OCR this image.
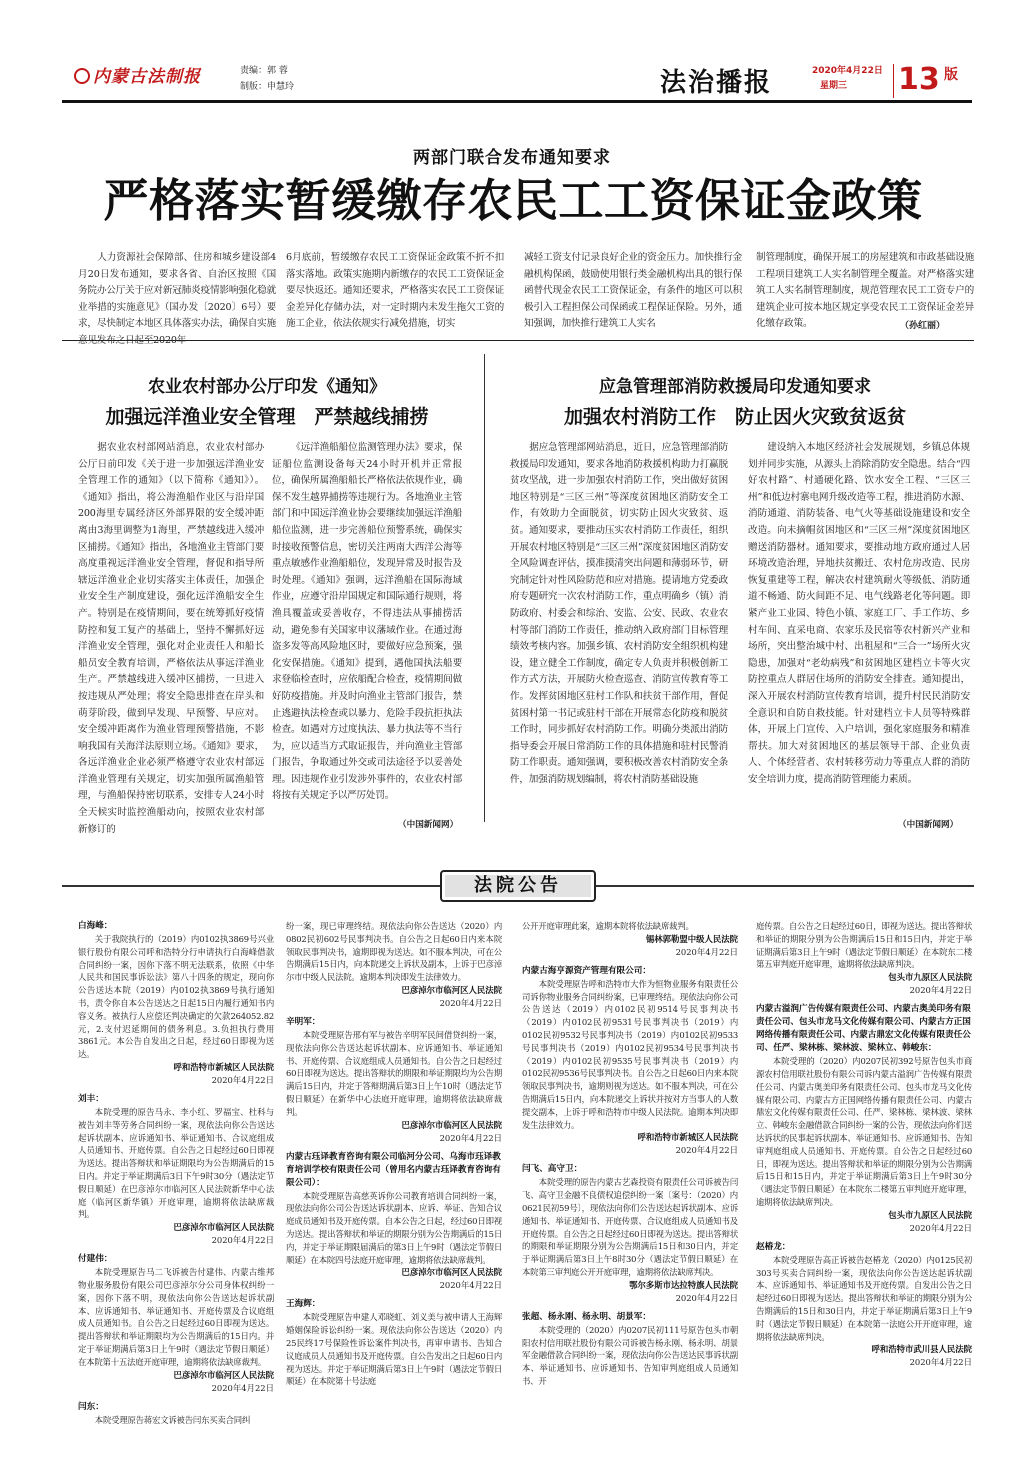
内蒙古法制报	责编：郭 蓉
制版：申慧玲	法治播报	2020年4月22日
星期三	13 版
两部门联合发布通知要求
严格落实暂缓缴存农民工工资保证金政策

人力资源社会保障部、住房和城乡建设部4月20日发布通知，要求各省、自治区按照《国务院办公厅关于应对新冠肺炎疫情影响强化稳就业举措的实施意见》（国办发〔2020〕6号）要求，尽快制定本地区具体落实办法，确保自实施

6月底前，暂缓缴存农民工工资保证金政策不折不扣落实落地。政策实施期内新缴存的农民工工资保证金要尽快返还。通知还要求，严格落实农民工工资保证金差异化存储办法，对一定时期内未发生拖欠工资的施工企业，依法依规实行减免措施，切实

减轻工资支付记录良好企业的资金压力。加快推行金融机构保函，鼓励使用银行类金融机构出具的银行保函替代现金农民工工资保证金，有条件的地区可以积极引入工程担保公司保函或工程保证保险。另外，通知强调，加快推行建筑工人实名

制管理制度，确保开展工的房屋建筑和市政基础设施工程项目建筑工人实名制管理全覆盖。对严格落实建筑工人实名制管理制度，规范管理农民工工资专户的建筑企业可按本地区规定享受农民工工资保证金差异化缴存政策。	（孙红丽）
农业农村部办公厅印发《通知》
加强远洋渔业安全管理　严禁越线捕捞

据农业农村部网站消息，农业农村部办公厅日前印发《关于进一步加强远洋渔业安全管理工作的通知》（以下简称《通知》）。《通知》指出，将公海渔船作业区与沿岸国200海里专属经济区外部界限的安全缓冲距离由3海里调整为1海里，严禁越线进入缓冲区捕捞。《通知》指出，各地渔业主管部门要高度重视远洋渔业安全管理，督促和指导所辖远洋渔业企业切实落实主体责任，加强企业安全生产制度建设，强化远洋渔船安全生产。特别是在疫情期间，要在统筹抓好疫情防控和复工复产的基础上，坚持不懈抓好远洋渔业安全管理，强化对企业责任人和船长船员安全教育培训，严格依法从事远洋渔业生产。严禁越线进入缓冲区捕捞，一旦进入按违规从严处理；将安全隐患排查在岸头和萌芽阶段，做到早发现、早预警、早应对。安全缓冲距离作为渔业管理预警措施，不影响我国有关海洋法原则立场。《通知》要求，各远洋渔业企业必须严格遵守农业农村部远洋渔业管理有关规定，切实加强所属渔船管理，与渔船保持密切联系，安排专人24小时全天候实时监控渔船动向，按照农业农村部新修订的

《远洋渔船船位监测管理办法》要求，保证船位监测设备每天24小时开机并正常报位，确保所属渔船船长严格依法依规作业，确保不发生越界捕捞等违规行为。各地渔业主管部门和中国远洋渔业协会要继续加强远洋渔船船位监测，进一步完善船位预警系统，确保实时接收预警信息，密切关注两南大西洋公海等重点敏感作业渔船船位，发现异常及时报告及时处理。《通知》强调，远洋渔船在国际海域作业，应遵守沿岸国规定和国际通行规则，将渔具覆盖或妥善收存，不得违法从事捕捞活动，避免参有关国家申议藩域作业。在通过海盗多发等高风险地区时，要做好应急预案，强化安保措施。《通知》提到，遇他国执法船要求登临检查时，应依船配合检查，疫情期间做好防疫措施。并及时向渔业主管部门报告，禁止逃避执法检查或以暴力、危险手段抗拒执法检查。如遇对方过度执法、暴力执法等不当行为，应以适当方式取证报告，并向渔业主管部门报告，争取通过外交或司法途径予以妥善处理。因违规作业引发涉外事件的，农业农村部将按有关规定予以严厉处罚。

（中国新闻网）
应急管理部消防救援局印发通知要求
加强农村消防工作　防止因火灾致贫返贫

据应急管理部网站消息，近日，应急管理部消防救援局印发通知，要求各地消防救援机构助力打赢脱贫攻坚战，进一步加强农村消防工作，突出做好贫困地区特别是“三区三州”等深度贫困地区消防安全工作，有效助力全面脱贫，切实防止因火灾致贫、返贫。通知要求，要推动压实农村消防工作责任，组织开展农村地区特别是“三区三州”深度贫困地区消防安全风险调查评估，摸准摸清突出问题和薄弱环节，研究制定针对性风险防范和应对措施。提请地方党委政府专题研究一次农村消防工作，重点明确乡（镇）消防政府、村委会和综治、安监、公安、民政、农业农村等部门消防工作责任，推动纳入政府部门目标管理绩效考核内容。加强乡镇、农村消防安全组织机构建设，建立健全工作制度，确定专人负责并积极创新工作方式方法，开展防火检查巡查、消防宣传教育等工作。发挥贫困地区驻村工作队和扶贫干部作用，督促贫困村第一书记或驻村干部在开展常态化防疫和脱贫工作时，同步抓好农村消防工作。明确分类派出消防指导委会开展日常消防工作的具体措施和驻村民警消防工作职责。通知强调，要积极改善农村消防安全条件，加强消防规划编制，将农村消防基础设施

建设纳入本地区经济社会发展规划，乡镇总体规划并同步实施，从源头上消除消防安全隐患。结合“四好农村路”、村通硬化路、饮水安全工程、“三区三州”和低边村寨电网升级改造等工程，推进消防水源、消防通道、消防装备、电气火等基础设施建设和安全改造。向未摘帽贫困地区和“三区三州”深度贫困地区赠送消防器材。通知要求，要推动地方政府通过人居环境改造治理，异地扶贫搬迁、农村危房改造、民房恢复重建等工程，解决农村建筑耐火等级低、消防通道不畅通、防火间距不足、电气线路老化等问题。即紧产业工业园、特色小镇、家庭工厂、手工作坊、乡村车间、直采电商、农家乐及民宿等农村新兴产业和场所，突出整治城中村、出租屋和“三合一”场所火灾隐患，加强对“老幼病残”和贫困地区建档立卡等火灾防控重点人群居住场所的消防安全排查。通知提出，深入开展农村消防宣传教育培训，提升村民民消防安全意识和自防自救技能。针对建档立卡人员等特殊群体，开展上门宣传、入户培训，强化家庭服务和精准帮扶。加大对贫困地区的基层领导干部、企业负责人、个体经营者、农村转移劳动力等重点人群的消防安全培训力度，提高消防管理能力素质。

（中国新闻网）
法院公告
白海峰：

关于我院执行的（2019）内0102执3869号兴业银行股份有限公司呼和浩特分行申请执行白海峰借款合同纠纷一案，因你下落不明无法联系，依照《中华人民共和国民事诉讼法》第八十四条的规定，现向你公告送达本院（2019）内0102执3869号执行通知书，责令你自本公告送达之日起15日内履行通知书内容义务。被执行人应偿还判决确定的欠款264052.82元，2.支付迟延期间的债务利息。3.负担执行费用3861元。本公告自发出之日起，经过60日即视为送达。

呼和浩特市新城区人民法院
2020年4月22日
刘丰：

本院受理的原告马永、李小红、罗福宝、杜科与被告刘丰等劳务合同纠纷一案，现依法向你公告送达起诉状副本、应诉通知书、举证通知书、合议庭组成人员通知书、开庭传票。自公告之日起经过60日即视为送达。提出答辩状和举证期限均为公告期满后的15日内。并定于举证期满后3日下午9时30分（遇法定节假日顺延）在巴彦淖尔市临河区人民法院新华中心法庭（临河区新华镇）开庭审理，逾期将依法缺席裁判。

巴彦淖尔市临河区人民法院
2020年4月22日
付建伟：

本院受理原告马二飞诉被告付建伟、内蒙古维邦物业服务股份有限公司巴彦淖尔分公司身体权纠纷一案，因你下落不明，现依法向你公告送达起诉状副本、应诉通知书、举证通知书、开庭传票及合议庭组成人员通知书。自公告之日起经过60日即视为送达。提出答辩状和举证期限均为公告期满后的15日内。并定于举证期满后第3日上午9时（遇法定节假日顺延）在本院第十五法庭开庭审理，逾期将依法缺席裁判。

巴彦淖尔市临河区人民法院
2020年4月22日
闫东：

本院受理原告蒋宏文诉被告闫东买卖合同纠

纷一案，现已审理终结。现依法向你公告送达（2020）内0802民初602号民事判决书。自公告之日起60日内来本院领取民事判决书，逾期即视为送达。如不服本判决，可在公告期满后15日内，向本院递交上诉状及副本，上诉于巴彦淖尔市中级人民法院。逾期本判决即发生法律效力。

巴彦淖尔市临河区人民法院
2020年4月22日
辛明军：

本院受理原告邢有军与被告辛明军民间借贷纠纷一案，现依法向你公告送达起诉状副本、应诉通知书、举证通知书、开庭传票、合议庭组成人员通知书。自公告之日起经过60日即视为送达。提出答辩状的期限和举证期限均为公告期满后15日内，并定于答辩期满后第3日上午10时（遇法定节假日顺延）在新华中心法庭开庭审理，逾期将依法缺席裁判。

巴彦淖尔市临河区人民法院
2020年4月22日
内蒙古珏译教育咨询有限公司临河分公司、乌海市珏译教育培训学校有限责任公司（曾用名内蒙古珏译教育咨询有限公司）：

本院受理原告高慈英诉你公司教育培训合同纠纷一案，现依法向你公司公告送达诉状副本、应诉、举证、告知合议庭成员通知书及开庭传票。自本公告之日起，经过60日即视为送达。提出答辩状和举证的期限分别为公告期满后的15日内，并定于举证期限届满后的第3日上午9时（遇法定节假日顺延）在本院四号法庭开庭审理，逾期将依法缺席裁判。

巴彦淖尔市临河区人民法院
2020年4月22日
王海辉：

本院受理原告申建人邓晓虹、刘义美与被申请人王海辉婚姻保险诉讼纠纷一案。现依法向你公告送达（2020）内25民终17号保险性诉讼案件判决书，再审申请书、告知合议庭成员人员通知书及开庭传票。自公告发出之日起60日内视为送达。并定于举证期满后第3日上午9时（遇法定节假日顺延）在本院第十号法庭

公开开庭审理此案，逾期本院将依法缺席裁判。

锡林郭勒盟中级人民法院
2020年4月22日
内蒙古海亨源资产管理有限公司：

本院受理原告呼和浩特市大作为恒物业服务有限责任公司诉你物业服务合同纠纷案，已审理终结。现依法向你公司公告送达（2019）内0102民初9514号民事判决书（2019）内0102民初9531号民事判决书（2019）内0102民初9532号民事判决书（2019）内0102民初9533号民事判决书（2019）内0102民初9534号民事判决书（2019）内0102民初9535号民事判决书（2019）内0102民初9536号民事判决书。自公告之日起60日内来本院领取民事判决书，逾期则视为送达。如不服本判决，可在公告期满后15日内，向本院递交上诉状并按对方当事人的人数提交副本，上诉于呼和浩特市中级人民法院。逾期本判决即发生法律效力。

呼和浩特市新城区人民法院
2020年4月22日
闫飞、高守卫：

本院受理的原告内蒙古艺森投资有限责任公司诉被告闫飞、高守卫金融不良债权追偿纠纷一案〔案号：（2020）内0621民初59号〕，现依法向你们公告送达起诉状副本、应诉通知书、举证通知书、开庭传票、合议庭组成人员通知书及开庭传票。自公告之日起经过60日即视为送达。提出答辩状的期限和举证期限分别为公告期满后15日和30日内，并定于举证期满后第3日上午8时30分（遇法定节假日顺延）在本院第三审判庭公开开庭审理，逾期将依法缺席判决。

鄂尔多斯市达拉特旗人民法院
2020年4月22日
张超、杨永刚、杨永明、胡景军：

本院受理的（2020）内0207民初111号原告包头市朝阳农村信用联社股份有限公司诉被告杨永刚、杨永明、胡景军金融借款合同纠纷一案，现依法向你公告送达民事诉状副本、举证通知书、应诉通知书、告知审判庭组成人员通知书、开

庭传票。自公告之日起经过60日，即视为送达。提出答辩状和举证的期限分别为公告期满后15日和15日内，并定于举证期满后第3日上午9时（遇法定节假日顺延）在本院东二楼第五审判庭开庭审理，逾期将依法缺席判决。

包头市九原区人民法院
2020年4月22日
内蒙古溢润广告传媒有限责任公司、内蒙古奥美印务有限责任公司、包头市龙马文化传媒有限公司、内蒙古方正国网络传播有限责任公司、内蒙古鼎宏文化传媒有限责任公司、任严、梁林栋、梁林波、梁林立、韩峻东：

本院受理的（2020）内0207民初392号原告包头市商源农村信用联社股份有限公司诉内蒙古溢润广告传媒有限责任公司、内蒙古奥美印务有限责任公司、包头市龙马文化传媒有限公司、内蒙古方正国网络传播有限责任公司、内蒙古鼎宏文化传媒有限责任公司、任严、梁林栋、梁林波、梁林立、韩峻东金融借款合同纠纷一案的公告，现依法向你们送达诉状的民事起诉状副本、举证通知书、应诉通知书、告知审判庭组成人员通知书、开庭传票。自公告之日起经过60日，即视为送达。提出答辩状和举证的期限分别为公告期满后15日和15日内，并定于举证期满后第3日上午9时30分（遇法定节假日顺延）在本院东二楼第五审判庭开庭审理，逾期将依法缺席判决。

包头市九原区人民法院
2020年4月22日
赵椿龙：

本院受理原告高正诉被告赵椿龙（2020）内0125民初303号买卖合同纠纷一案，现依法向你公告送达起诉状副本、应诉通知书、举证通知书及开庭传票。自发出公告之日起经过60日即视为送达。提出答辩状和举证的期限分别为公告期满后的15日和30日内，并定于举证期满后第3日上午9时（遇法定节假日顺延）在本院第一法庭公开开庭审理，逾期将依法缺席判决。

呼和浩特市武川县人民法院
2020年4月22日
